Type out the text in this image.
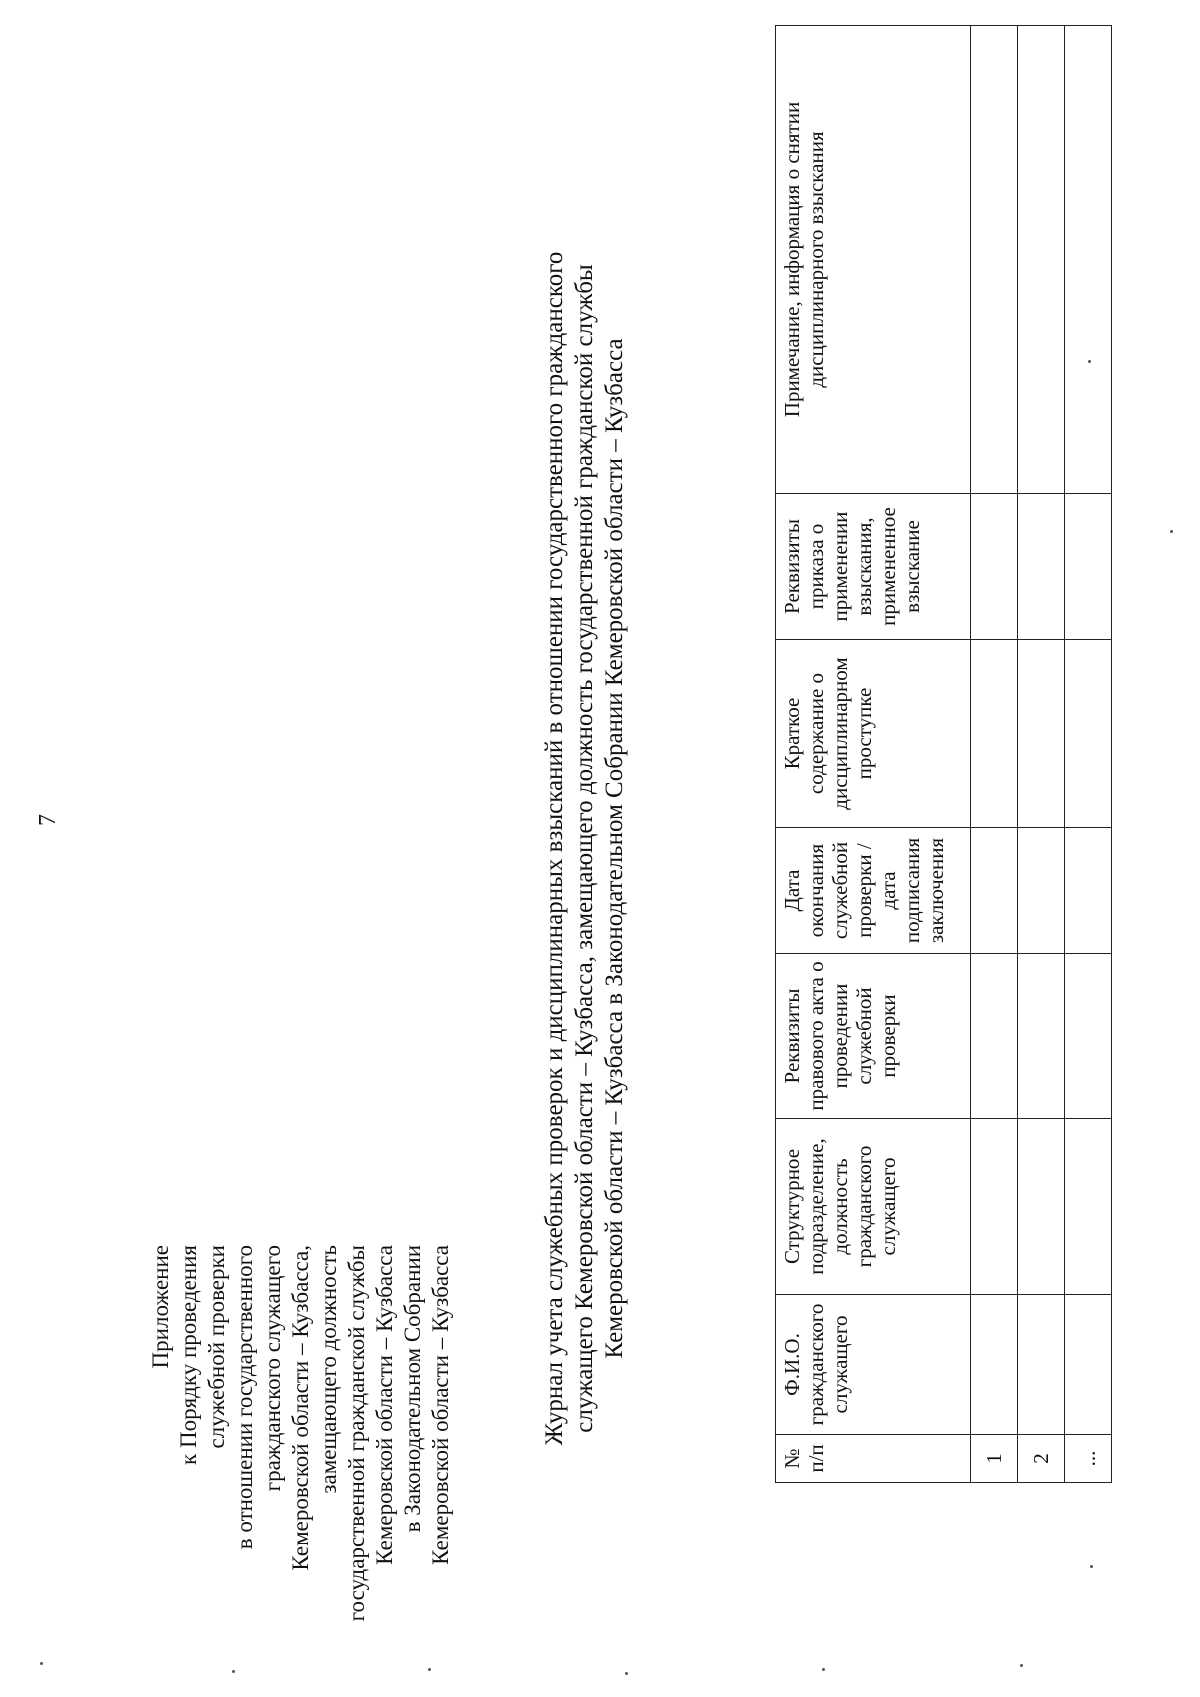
7
Приложение к Порядку проведения служебной проверки в отношении государственного гражданского служащего Кемеровской области – Кузбасса, замещающего должность государственной гражданской службы Кемеровской области – Кузбасса в Законодательном Собрании Кемеровской области – Кузбасса	Журнал учета служебных проверок и дисциплинарных взысканий в отношении государственного гражданского служащего Кемеровской области – Кузбасса, замещающего должность государственной гражданской службы Кемеровской области – Кузбасса в Законодательном Собрании Кемеровской области – Кузбасса
№ п/п	Ф.И.О. гражданского служащего	Структурное подразделение, должность гражданского служащего	Реквизиты правового акта о проведении служебной проверки	Дата окончания служебной проверки / дата подписания заключения	Краткое содержание о дисциплинарном проступке	Реквизиты приказа о применении взыскания, примененное взыскание	Примечание, информация о снятии дисциплинарного взыскания
1							
2							
...							
